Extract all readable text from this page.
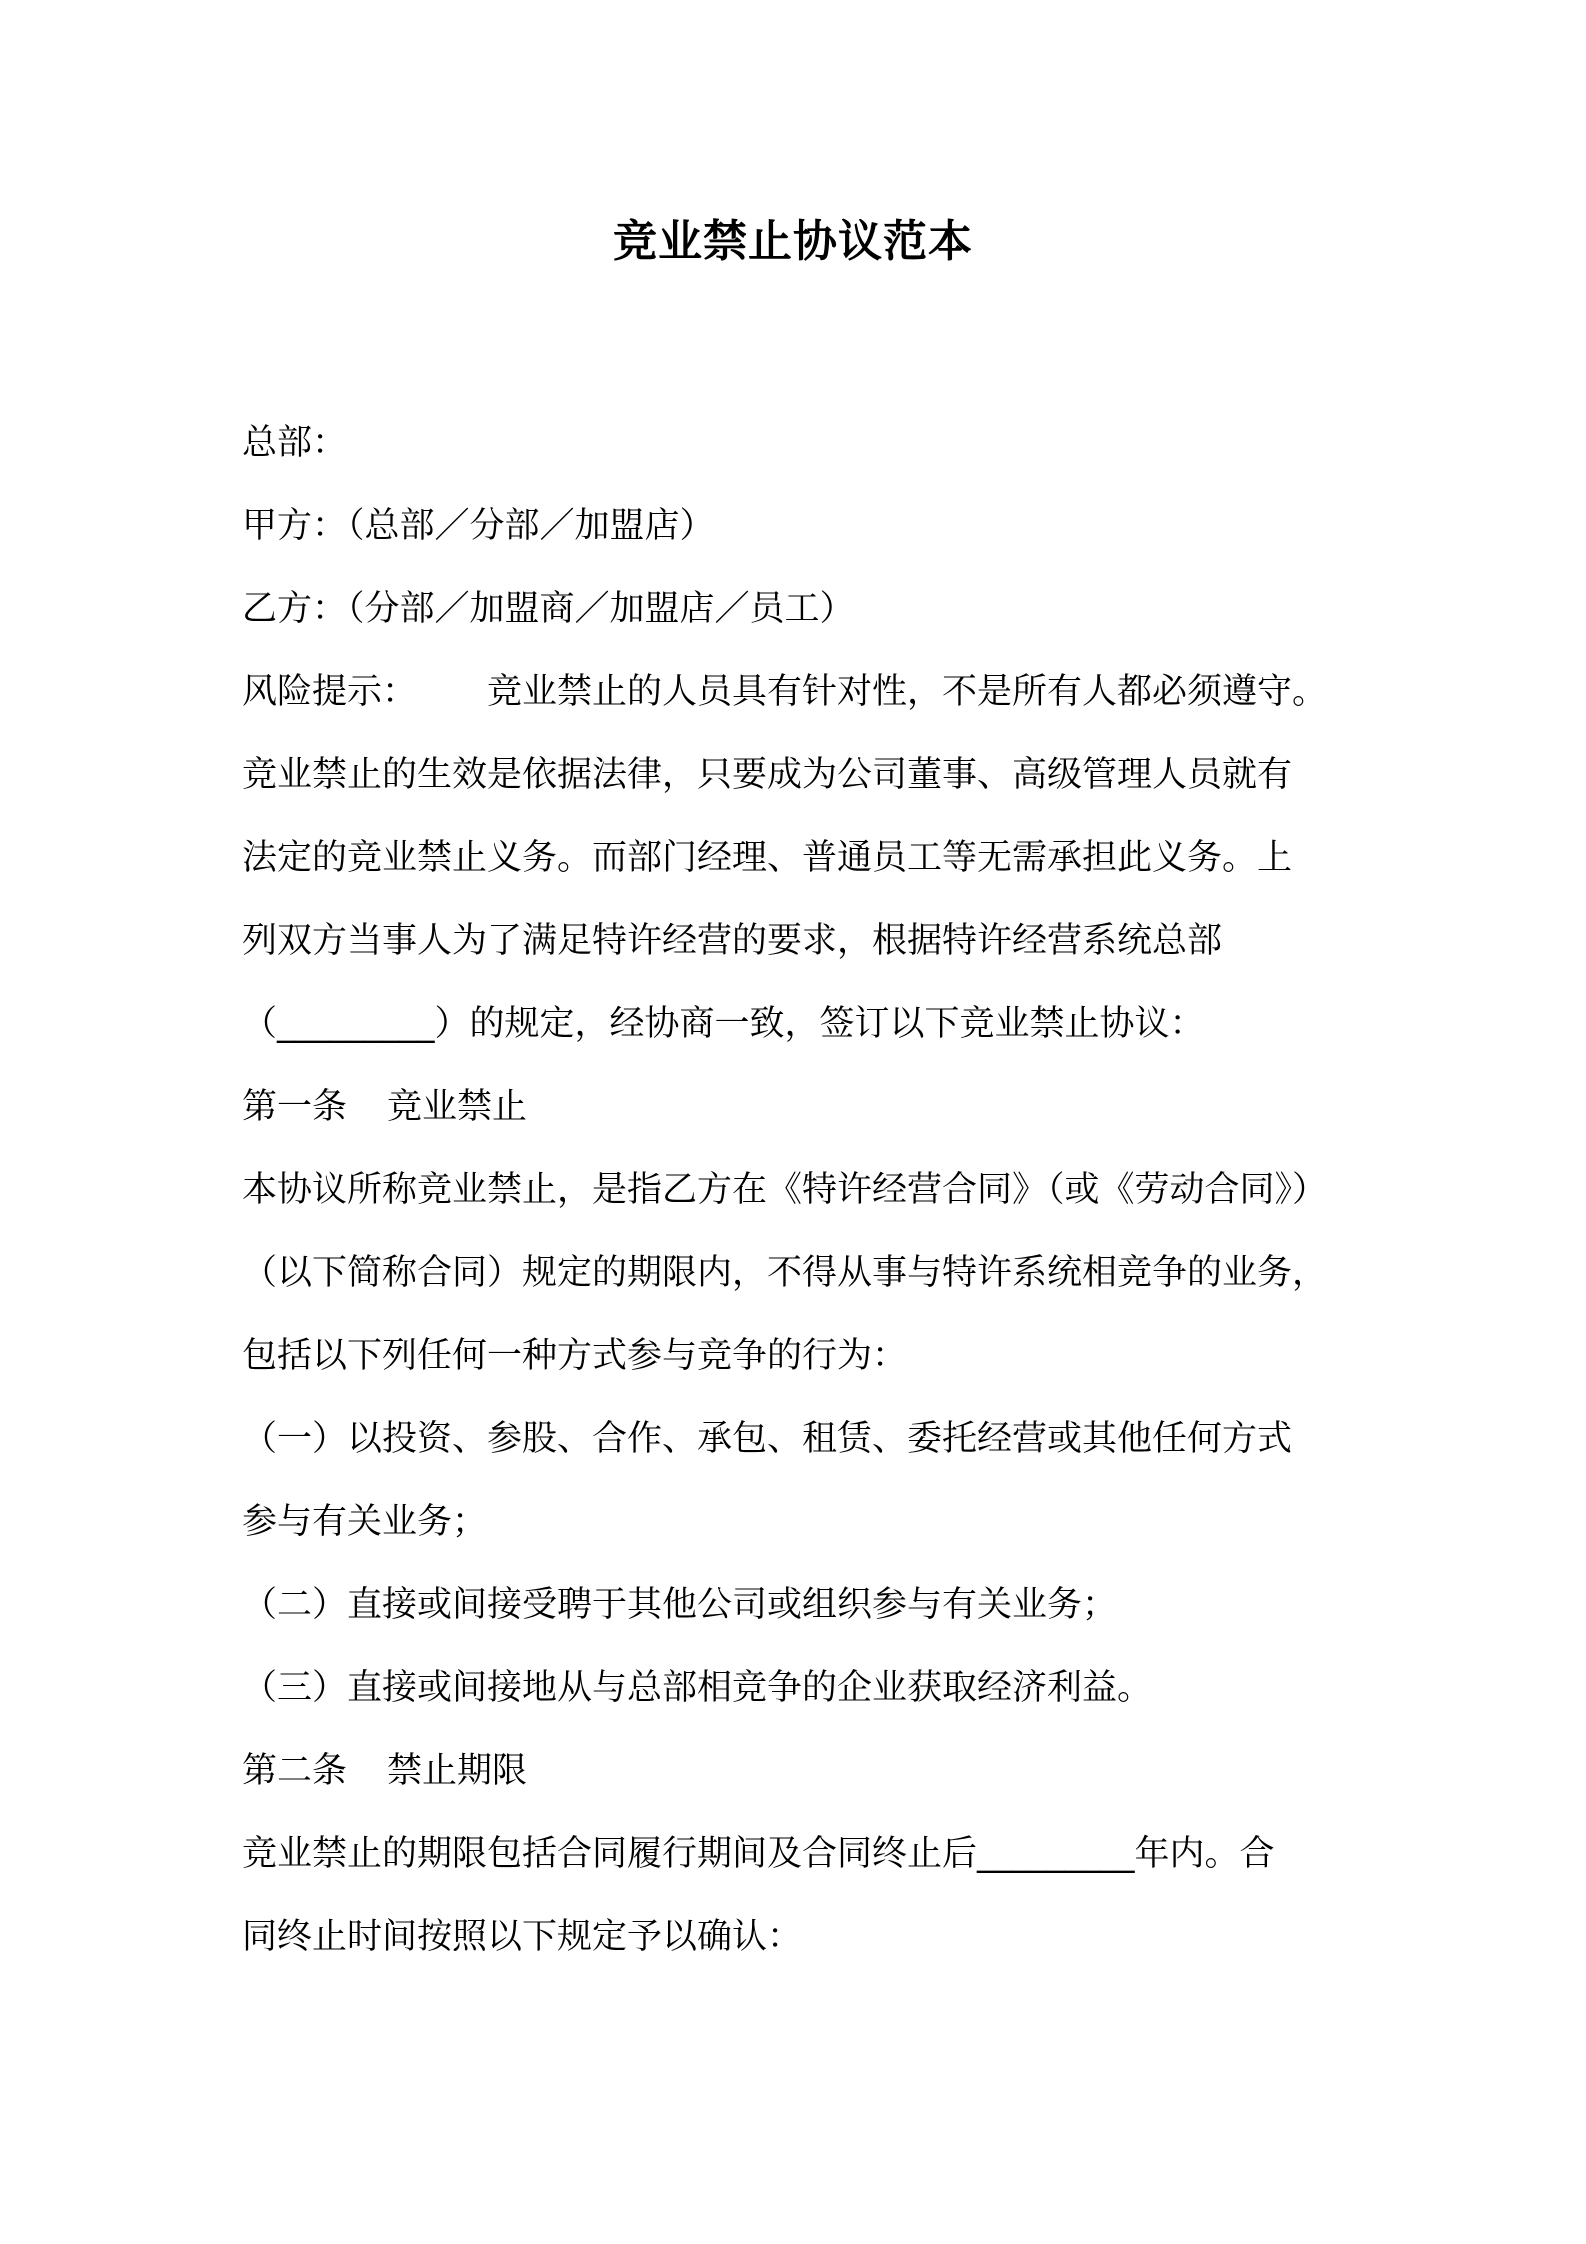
竞业禁止协议范本
总部：
甲方：（总部／分部／加盟店）
乙方：（分部／加盟商／加盟店／员工）
风险提示： 竞业禁止的人员具有针对性，不是所有人都必须遵守。
竞业禁止的生效是依据法律，只要成为公司董事、高级管理人员就有
法定的竞业禁止义务。而部门经理、普通员工等无需承担此义务。上
列双方当事人为了满足特许经营的要求，根据特许经营系统总部
（_________）的规定，经协商一致，签订以下竞业禁止协议：
第一条 竞业禁止
本协议所称竞业禁止，是指乙方在《特许经营合同》（或《劳动合同》）
（以下简称合同）规定的期限内，不得从事与特许系统相竞争的业务，
包括以下列任何一种方式参与竞争的行为：
（一）以投资、参股、合作、承包、租赁、委托经营或其他任何方式
参与有关业务；
（二）直接或间接受聘于其他公司或组织参与有关业务；
（三）直接或间接地从与总部相竞争的企业获取经济利益。
第二条 禁止期限
竞业禁止的期限包括合同履行期间及合同终止后_________年内。合
同终止时间按照以下规定予以确认：
